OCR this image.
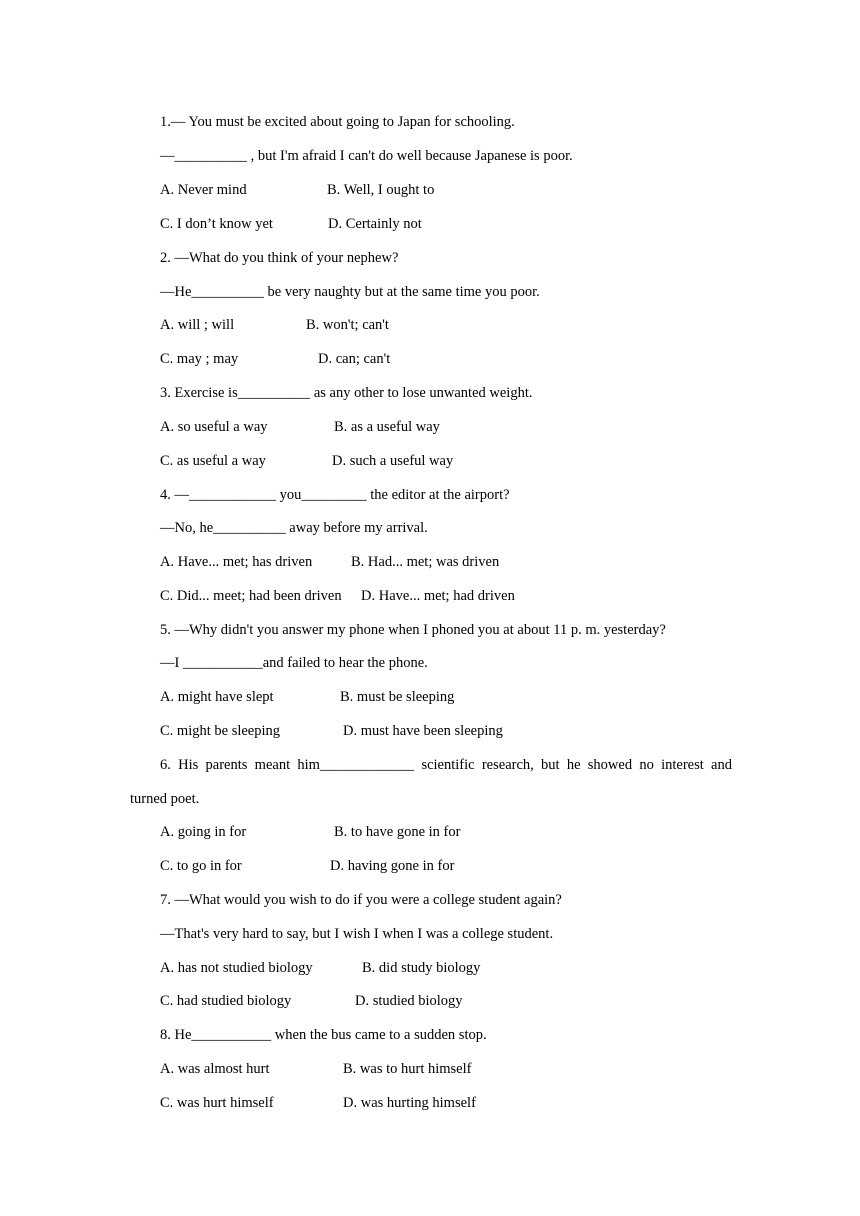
1.— You must be excited about going to Japan for schooling.
—__________ , but I'm afraid I can't do well because Japanese is poor.
A. Never mind	B. Well, I ought to
C. I don’t know yet	D. Certainly not
2. —What do you think of your nephew?
—He__________ be very naughty but at the same time you poor.
A. will ; will	B. won't; can't
C. may ; may	D. can; can't
3. Exercise is__________ as any other to lose unwanted weight.
A. so useful a way	B. as a useful way
C. as useful a way	D. such a useful way
4. —____________ you_________ the editor at the airport?
—No, he__________ away before my arrival.
A. Have... met; has driven	B. Had... met; was driven
C. Did... meet; had been driven D. Have... met; had driven
5. —Why didn't you answer my phone when I phoned you at about 11 p. m. yesterday?
—I ___________and failed to hear the phone.
A. might have slept	B. must be sleeping
C. might be sleeping	D. must have been sleeping
6. His parents meant him_____________ scientific research, but he showed no interest and
turned poet.
A. going in for	B. to have gone in for
C. to go in for	D. having gone in for
7. —What would you wish to do if you were a college student again?
—That's very hard to say, but I wish I when I was a college student.
A. has not studied biology	B. did study biology
C. had studied biology	D. studied biology
8. He___________ when the bus came to a sudden stop.
A. was almost hurt	B. was to hurt himself
C. was hurt himself	D. was hurting himself
